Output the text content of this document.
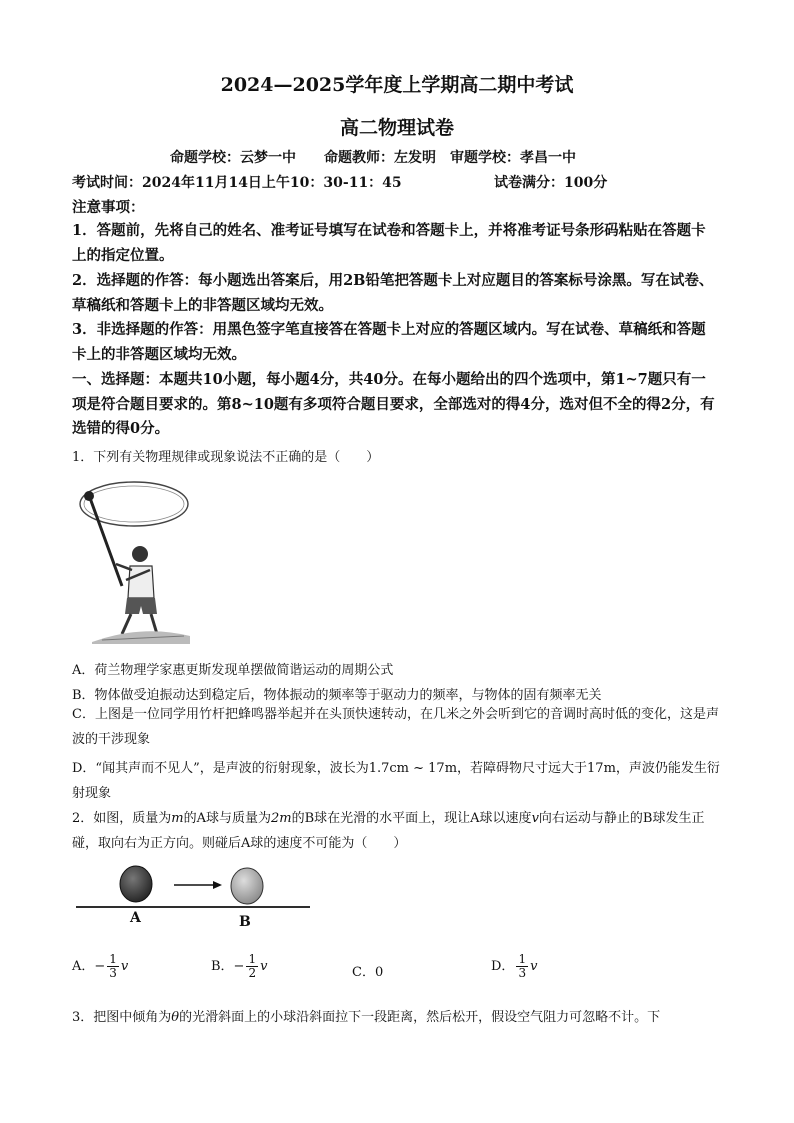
2024—2025学年度上学期高二期中考试
高二物理试卷
命题学校：云梦一中　　命题教师：左发明　审题学校：孝昌一中
考试时间：2024年11月14日上午10：30-11：45	试卷满分：100分
注意事项：
1．答题前，先将自己的姓名、准考证号填写在试卷和答题卡上，并将准考证号条形码粘贴在答题卡上的指定位置。
2．选择题的作答：每小题选出答案后，用2B铅笔把答题卡上对应题目的答案标号涂黑。写在试卷、草稿纸和答题卡上的非答题区域均无效。
3．非选择题的作答：用黑色签字笔直接答在答题卡上对应的答题区域内。写在试卷、草稿纸和答题卡上的非答题区域均无效。
一、选择题：本题共10小题，每小题4分，共40分。在每小题给出的四个选项中，第1~7题只有一项是符合题目要求的。第8~10题有多项符合题目要求，全部选对的得4分，选对但不全的得2分，有选错的得0分。
1．下列有关物理规律或现象说法不正确的是（　　）
A．荷兰物理学家惠更斯发现单摆做简谐运动的周期公式
B．物体做受迫振动达到稳定后，物体振动的频率等于驱动力的频率，与物体的固有频率无关
C．上图是一位同学用竹杆把蜂鸣器举起并在头顶快速转动，在几米之外会听到它的音调时高时低的变化，这是声波的干涉现象
D．“闻其声而不见人”，是声波的衍射现象，波长为1.7cm ~ 17m，若障碍物尺寸远大于17m，声波仍能发生衍射现象
2．如图，质量为m的A球与质量为2m的B球在光滑的水平面上，现让A球以速度v向右运动与静止的B球发生正碰，取向右为正方向。则碰后A球的速度不可能为（　　）
A	B
A．− $\frac{1}{3}$ v	B．− $\frac{1}{2}$ v	C．0	D． $\frac{1}{3}$ v
3．把图中倾角为θ的光滑斜面上的小球沿斜面拉下一段距离，然后松开，假设空气阻力可忽略不计。下
